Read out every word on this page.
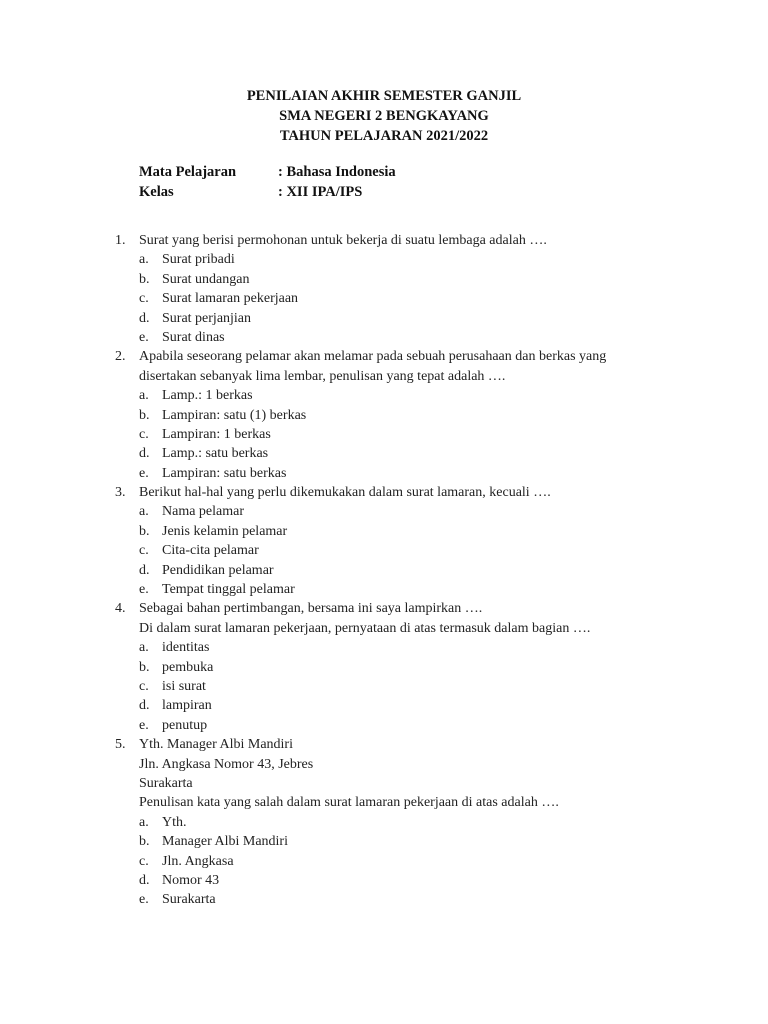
PENILAIAN AKHIR SEMESTER GANJIL
SMA NEGERI 2 BENGKAYANG
TAHUN PELAJARAN 2021/2022
Mata Pelajaran	: Bahasa Indonesia
Kelas	: XII IPA/IPS
1. Surat yang berisi permohonan untuk bekerja di suatu lembaga adalah ….
a. Surat pribadi
b. Surat undangan
c. Surat lamaran pekerjaan
d. Surat perjanjian
e. Surat dinas
2. Apabila seseorang pelamar akan melamar pada sebuah perusahaan dan berkas yang
disertakan sebanyak lima lembar, penulisan yang tepat adalah ….
a. Lamp.: 1 berkas
b. Lampiran: satu (1) berkas
c. Lampiran: 1 berkas
d. Lamp.: satu berkas
e. Lampiran: satu berkas
3. Berikut hal-hal yang perlu dikemukakan dalam surat lamaran, kecuali ….
a. Nama pelamar
b. Jenis kelamin pelamar
c. Cita-cita pelamar
d. Pendidikan pelamar
e. Tempat tinggal pelamar
4. Sebagai bahan pertimbangan, bersama ini saya lampirkan ….
Di dalam surat lamaran pekerjaan, pernyataan di atas termasuk dalam bagian ….
a. identitas
b. pembuka
c. isi surat
d. lampiran
e. penutup
5. Yth. Manager Albi Mandiri
Jln. Angkasa Nomor 43, Jebres
Surakarta
Penulisan kata yang salah dalam surat lamaran pekerjaan di atas adalah ….
a. Yth.
b. Manager Albi Mandiri
c. Jln. Angkasa
d. Nomor 43
e. Surakarta
